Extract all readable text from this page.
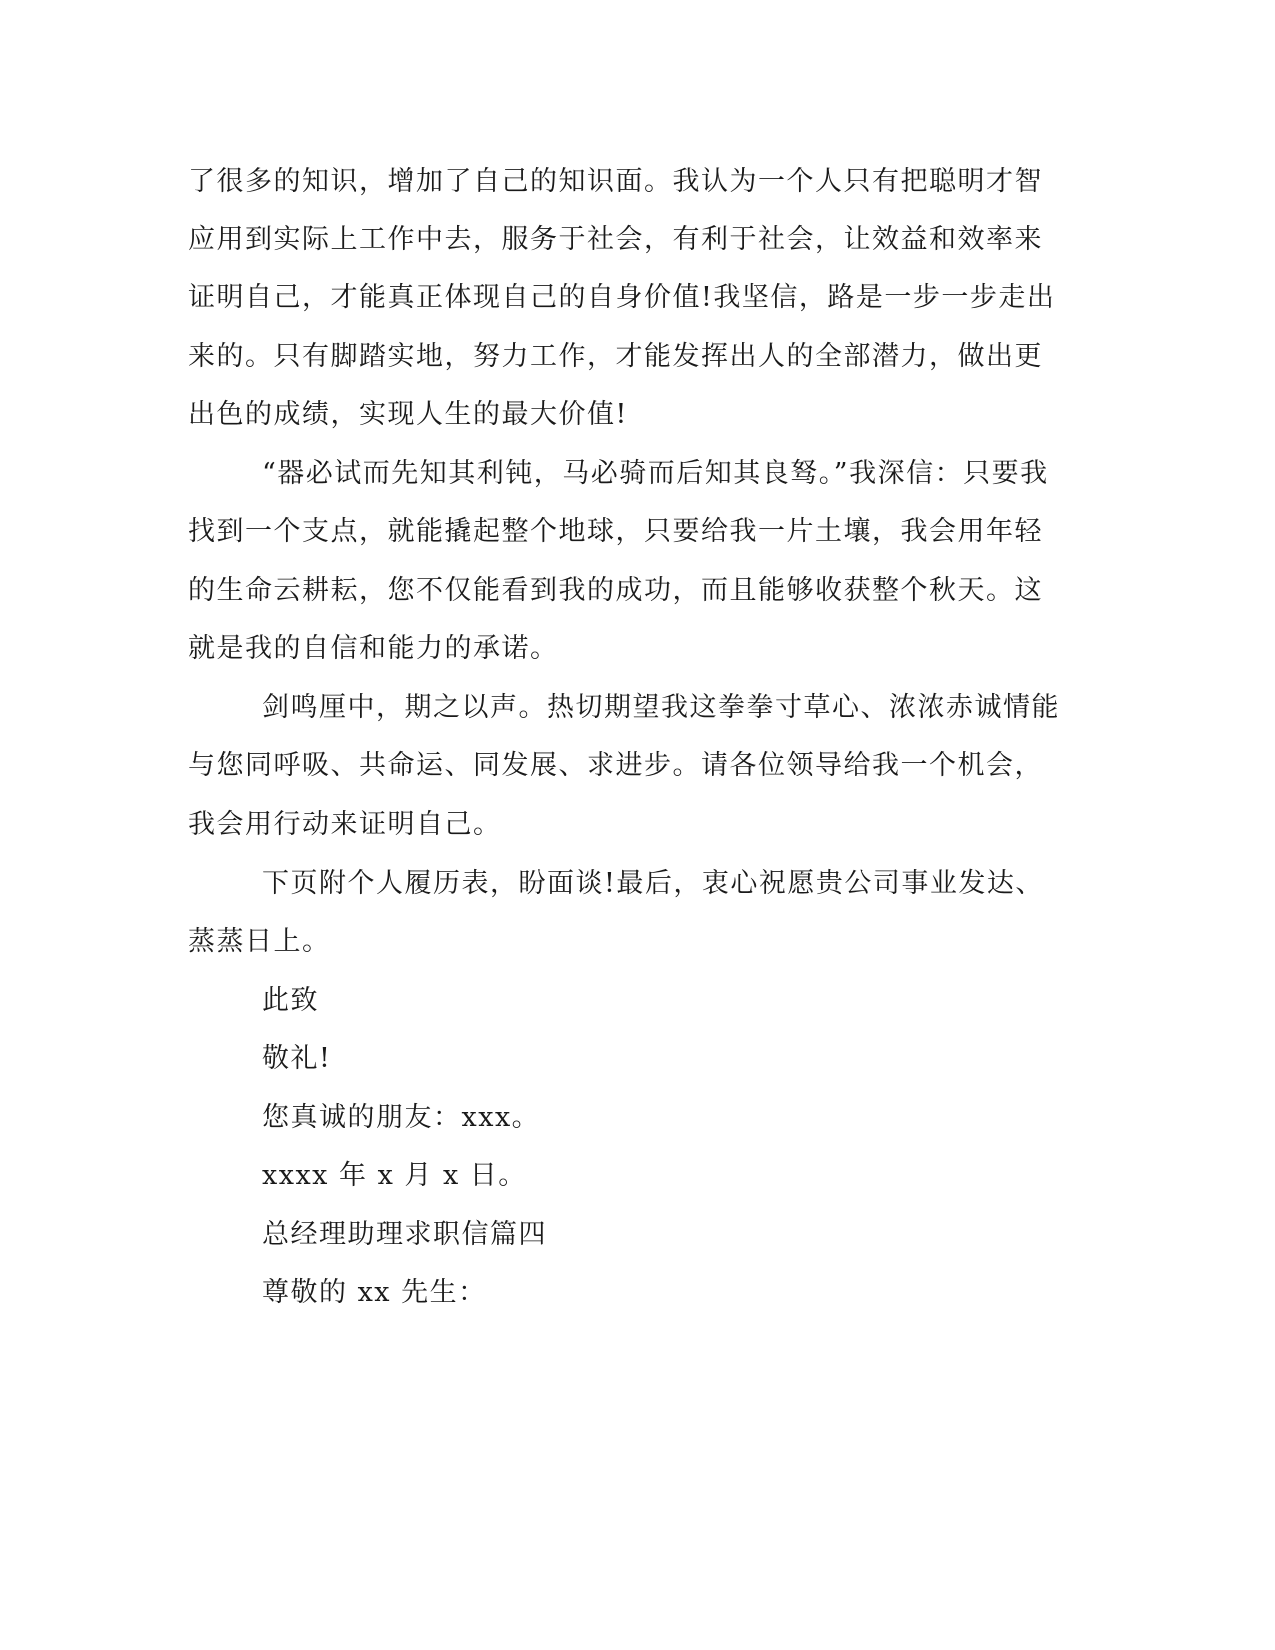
了很多的知识，增加了自己的知识面。我认为一个人只有把聪明才智
应用到实际上工作中去，服务于社会，有利于社会，让效益和效率来
证明自己，才能真正体现自己的自身价值!我坚信，路是一步一步走出
来的。只有脚踏实地，努力工作，才能发挥出人的全部潜力，做出更
出色的成绩，实现人生的最大价值!
“器必试而先知其利钝，马必骑而后知其良驽。”我深信：只要我
找到一个支点，就能撬起整个地球，只要给我一片土壤，我会用年轻
的生命云耕耘，您不仅能看到我的成功，而且能够收获整个秋天。这
就是我的自信和能力的承诺。
剑鸣厘中，期之以声。热切期望我这拳拳寸草心、浓浓赤诚情能
与您同呼吸、共命运、同发展、求进步。请各位领导给我一个机会，
我会用行动来证明自己。
下页附个人履历表，盼面谈!最后，衷心祝愿贵公司事业发达、
蒸蒸日上。
此致
敬礼!
您真诚的朋友：xxx。
xxxx 年 x 月 x 日。
总经理助理求职信篇四
尊敬的 xx 先生：
